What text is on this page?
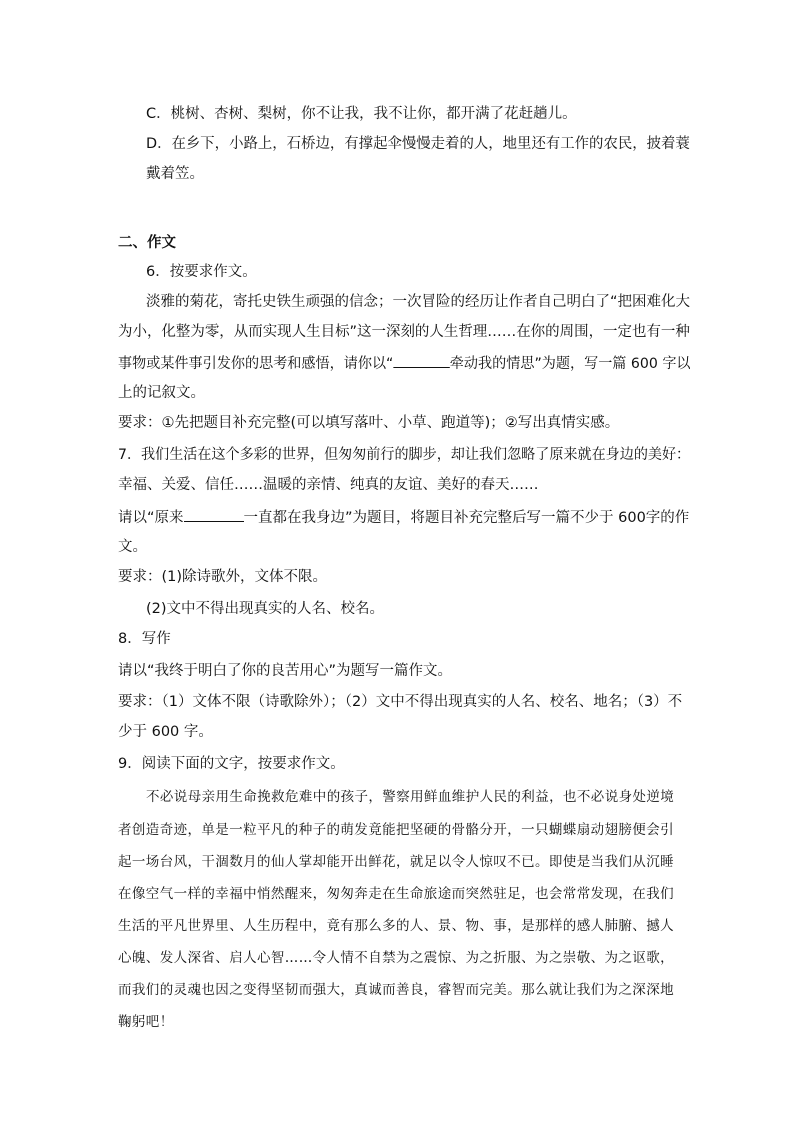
C．桃树、杏树、梨树，你不让我，我不让你，都开满了花赶趟儿。
D．在乡下，小路上，石桥边，有撑起伞慢慢走着的人，地里还有工作的农民，披着蓑
戴着笠。
二、作文
6．按要求作文。
淡雅的菊花，寄托史铁生顽强的信念；一次冒险的经历让作者自己明白了“把困难化大
为小，化整为零，从而实现人生目标”这一深刻的人生哲理……在你的周围，一定也有一种
事物或某件事引发你的思考和感悟，请你以“	牵动我的情思”为题，写一篇 600 字以
上的记叙文。
要求：①先把题目补充完整(可以填写落叶、小草、跑道等)；②写出真情实感。
7．我们生活在这个多彩的世界，但匆匆前行的脚步，却让我们忽略了原来就在身边的美好：
幸福、关爱、信任……温暖的亲情、纯真的友谊、美好的春天……
请以“原来	一直都在我身边”为题目，将题目补充完整后写一篇不少于 600字的作
文。
要求：(1)除诗歌外，文体不限。
(2)文中不得出现真实的人名、校名。
8．写作
请以“我终于明白了你的良苦用心”为题写一篇作文。
要求：（1）文体不限（诗歌除外）；（2）文中不得出现真实的人名、校名、地名；（3）不
少于 600 字。
9．阅读下面的文字，按要求作文。
不必说母亲用生命挽救危难中的孩子，警察用鲜血维护人民的利益，也不必说身处逆境
者创造奇迹，单是一粒平凡的种子的萌发竟能把坚硬的骨骼分开，一只蝴蝶扇动翅膀便会引
起一场台风，干涸数月的仙人掌却能开出鲜花，就足以令人惊叹不已。即使是当我们从沉睡
在像空气一样的幸福中悄然醒来，匆匆奔走在生命旅途而突然驻足，也会常常发现，在我们
生活的平凡世界里、人生历程中，竟有那么多的人、景、物、事，是那样的感人肺腑、撼人
心魄、发人深省、启人心智……令人情不自禁为之震惊、为之折服、为之崇敬、为之讴歌，
而我们的灵魂也因之变得坚韧而强大，真诚而善良，睿智而完美。那么就让我们为之深深地
鞠躬吧！
